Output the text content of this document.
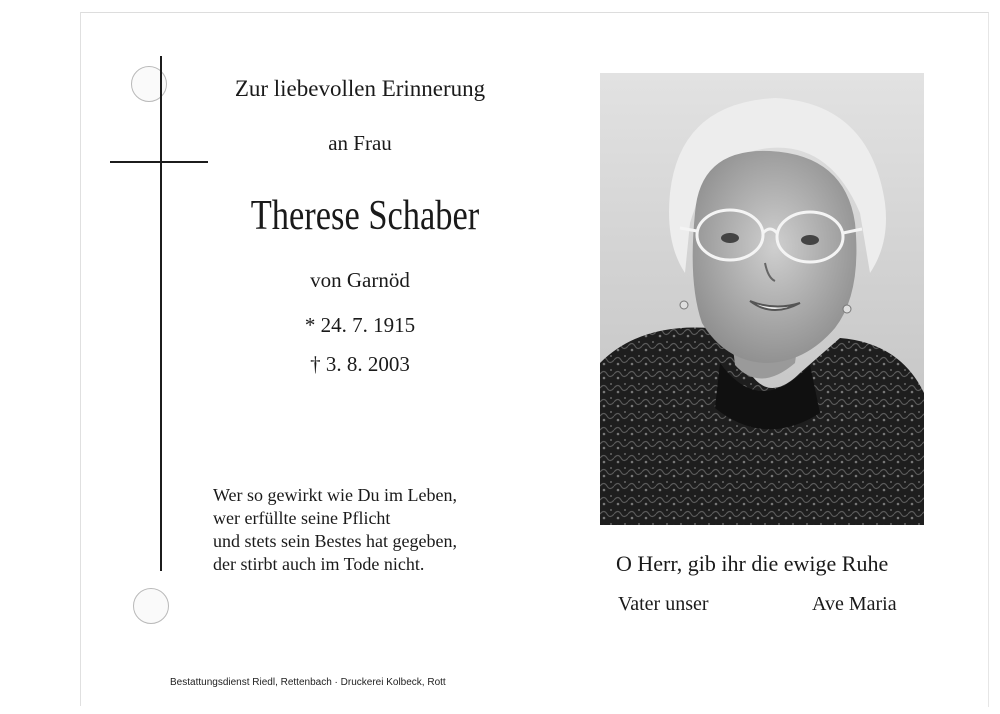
Zur liebevollen Erinnerung
an Frau
Therese Schaber
von Garnöd
* 24. 7. 1915
† 3. 8. 2003
Wer so gewirkt wie Du im Leben,
wer erfüllte seine Pflicht
und stets sein Bestes hat gegeben,
der stirbt auch im Tode nicht.	O Herr, gib ihr die ewige Ruhe
Vater unser	Ave Maria
Bestattungsdienst Riedl, Rettenbach · Druckerei Kolbeck, Rott
